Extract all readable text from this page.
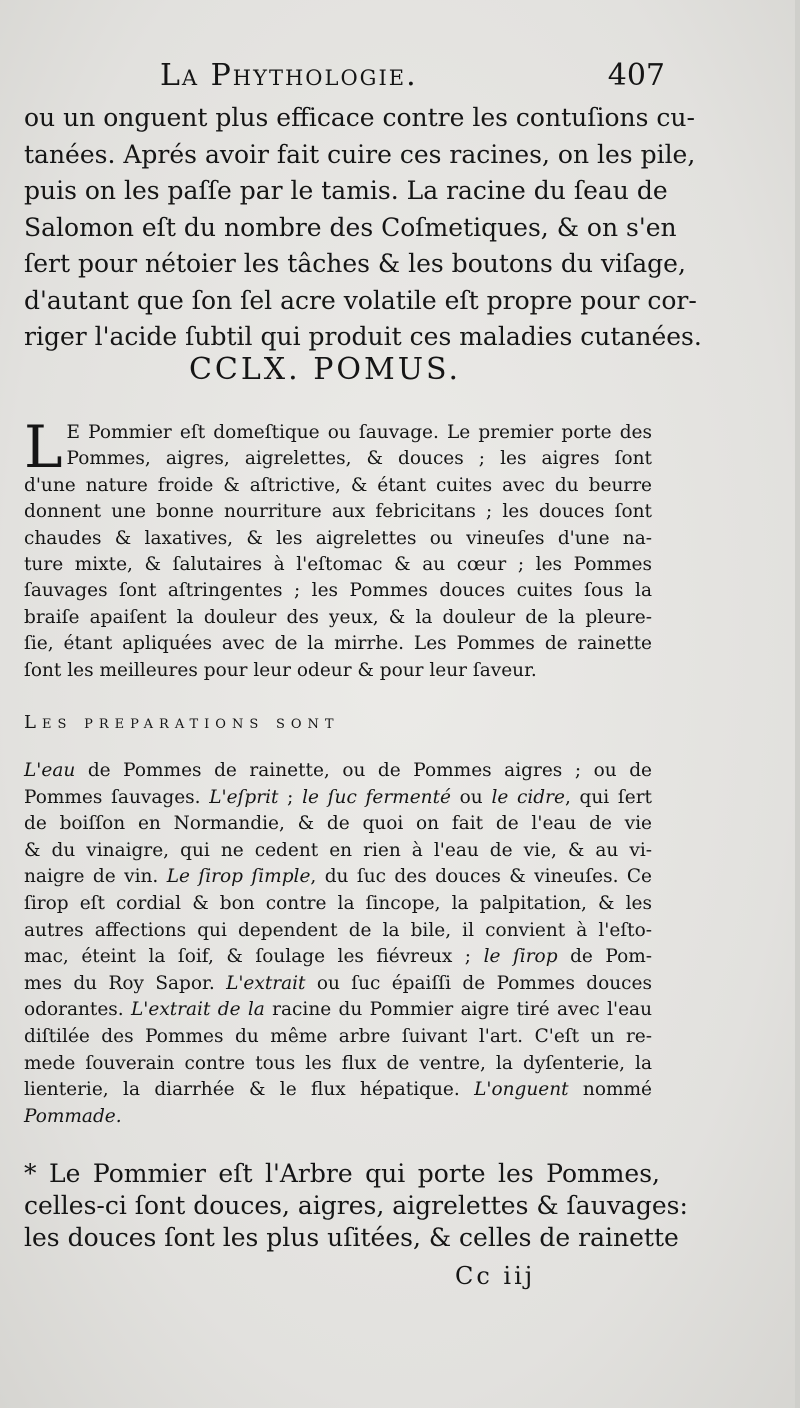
La Phythologie.	407
ou un onguent plus efficace contre les contuſions cu-
tanées. Aprés avoir fait cuire ces racines, on les pile,
puis on les paſſe par le tamis. La racine du ſeau de
Salomon eſt du nombre des Coſmetiques, & on s'en
ſert pour nétoier les tâches & les boutons du viſage,
d'autant que ſon ſel acre volatile eſt propre pour cor-
riger l'acide ſubtil qui produit ces maladies cutanées.
CCLX. POMUS.
L E Pommier eſt domeſtique ou ſauvage. Le premier porte des
Pommes, aigres, aigrelettes, & douces ; les aigres ſont
d'une nature froide & aſtrictive, & étant cuites avec du beurre
donnent une bonne nourriture aux febricitans ; les douces ſont
chaudes & laxatives, & les aigrelettes ou vineuſes d'une na-
ture mixte, & ſalutaires à l'eſtomac & au cœur ; les Pommes
ſauvages ſont aſtringentes ; les Pommes douces cuites ſous la
braiſe apaiſent la douleur des yeux, & la douleur de la pleure-
ſie, étant apliquées avec de la mirrhe. Les Pommes de rainette
ſont les meilleures pour leur odeur & pour leur ſaveur.
Les preparations sont
L'eau de Pommes de rainette, ou de Pommes aigres ; ou de
Pommes ſauvages. L'eſprit ; le ſuc fermenté ou le cidre, qui ſert
de boiſſon en Normandie, & de quoi on fait de l'eau de vie
& du vinaigre, qui ne cedent en rien à l'eau de vie, & au vi-
naigre de vin. Le ſirop ſimple, du ſuc des douces & vineuſes. Ce
ſirop eſt cordial & bon contre la ſincope, la palpitation, & les
autres affections qui dependent de la bile, il convient à l'eſto-
mac, éteint la ſoif, & ſoulage les fiévreux ; le ſirop de Pom-
mes du Roy Sapor. L'extrait ou ſuc épaiſſi de Pommes douces
odorantes. L'extrait de la racine du Pommier aigre tiré avec l'eau
diſtilée des Pommes du même arbre ſuivant l'art. C'eſt un re-
mede ſouverain contre tous les flux de ventre, la dyſenterie, la
lienterie, la diarrhée & le flux hépatique. L'onguent nommé
Pommade.
* Le Pommier eſt l'Arbre qui porte les Pommes,
celles-ci ſont douces, aigres, aigrelettes & ſauvages:
les douces ſont les plus uſitées, & celles de rainette
Cc iij
